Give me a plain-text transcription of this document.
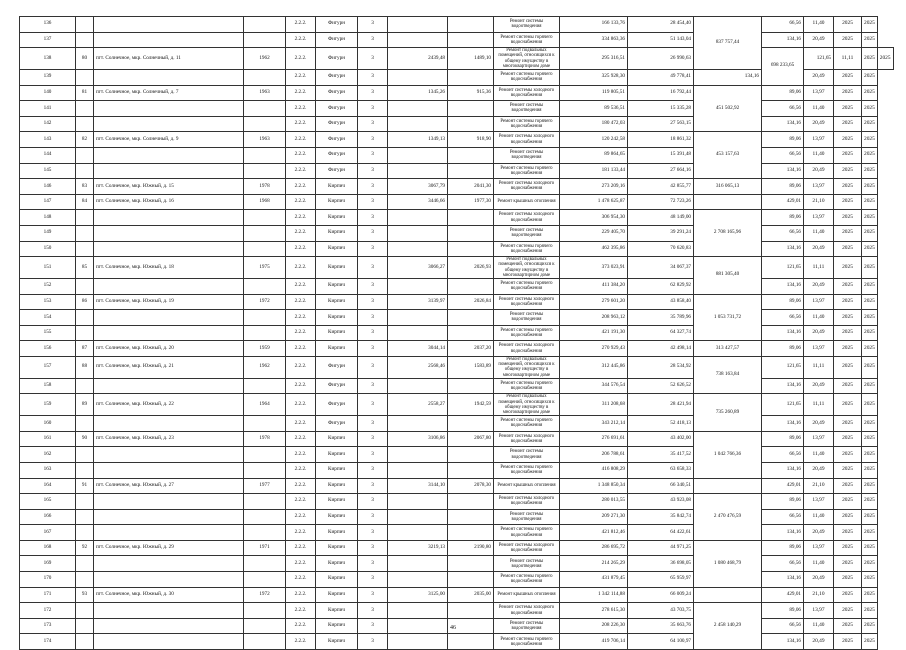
136				2.2.2.	Фигурн	3			Ремонт системы водоотведения	166 133,76	28 454,40	837 757,44	66,56	11,40	2025	2025	
137				2.2.2.	Фигурн	3			Ремонт системы горячего водоснабжения	334 863,36	51 143,04		134,16	20,49	2025	2025	
138	80	пгт. Солнечное, мкр. Солнечный, д. 11	1962	2.2.2.	Фигурн	3	2439,48	1489,10	Ремонт подвальных помещений, относящихся к общему имуществу в многоквартирном доме	295 316,51	26 990,63		698 233,65	121,65	11,11	2025	2025
139				2.2.2.	Фигурн	3			Ремонт системы горячего водоснабжения	325 928,30	49 778,41	134,16		20,49	2025	2025	
140	81	пгт. Солнечное, мкр. Солнечный, д. 7	1963	2.2.2.	Фигурн	3	1345,26	915,36	Ремонт системы холодного водоснабжения	119 805,51	16 792,44	451 502,92	89,06	13,97	2025	2025	
141				2.2.2.	Фигурн	3			Ремонт системы водоотведения	89 536,51	15 335,28		66,56	11,40	2025	2025	
142				2.2.2.	Фигурн	3			Ремонт системы горячего водоснабжения	180 472,03	27 563,15		134,16	20,49	2025	2025	
143	82	пгт. Солнечное, мкр. Солнечный, д. 9	1963	2.2.2.	Фигурн	3	1349,13	918,90	Ремонт системы холодного водоснабжения	120 242,58	18 861,32	453 157,63	89,06	13,97	2025	2025	
144				2.2.2.	Фигурн	3			Ремонт системы водоотведения	89 864,65	15 391,48		66,56	11,40	2025	2025	
145				2.2.2.	Фигурн	3			Ремонт системы горячего водоснабжения	181 133,44	27 664,16		134,16	20,49	2025	2025	
146	83	пгт. Солнечное, мкр. Южный, д. 15	1978	2.2.2.	Кирпич	3	3067,79	2041,30	Ремонт системы холодного водоснабжения	273 209,16	42 855,77	316 065,13	89,06	13,97	2025	2025	
147	84	пгт. Солнечное, мкр. Южный, д. 16	1968	2.2.2.	Кирпич	3	3446,66	1977,30	Ремонт крышных отопления	1 478 625,87	72 723,26		429,01	21,10	2025	2025	
148				2.2.2.	Кирпич	3			Ремонт системы холодного водоснабжения	306 954,30	48 149,00	2 708 165,96	89,06	13,97	2025	2025	
149				2.2.2.	Кирпич	3			Ремонт системы водоотведения	229 405,70	39 291,24		66,56	11,40	2025	2025	
150				2.2.2.	Кирпич	3			Ремонт системы горячего водоснабжения	462 395,86	70 620,83		134,16	20,49	2025	2025	
151	85	пгт. Солнечное, мкр. Южный, д. 18	1975	2.2.2.	Кирпич	3	3066,27	2026,93	Ремонт подвальных помещений, относящихся к общему имуществу в многоквартирном доме	373 023,91	34 067,37	881 305,40	121,65	11,11	2025	2025	
152				2.2.2.	Кирпич	3			Ремонт системы горячего водоснабжения	411 384,20	62 829,92		134,16	20,49	2025	2025	
153	86	пгт. Солнечное, мкр. Южный, д. 19	1972	2.2.2.	Кирпич	3	3139,97	2026,84	Ремонт системы холодного водоснабжения	279 601,20	43 858,40	1 053 731,72	89,06	13,97	2025	2025	
154				2.2.2.	Кирпич	3			Ремонт системы водоотведения	208 963,12	35 789,96		66,56	11,40	2025	2025	
155				2.2.2.	Кирпич	3			Ремонт системы горячего водоснабжения	421 191,30	64 327,74		134,16	20,49	2025	2025	
156	87	пгт. Солнечное, мкр. Южный, д. 20	1959	2.2.2.	Кирпич	3	3044,14	2037,20	Ремонт системы холодного водоснабжения	270 929,43	42 498,14	313 427,57	89,06	13,97	2025	2025	
157	88	пгт. Солнечное, мкр. Южный, д. 21	1962	2.2.2.	Фигурн	3	2568,46	1583,89	Ремонт подвальных помещений, относящихся к общему имуществу в многоквартирном доме	312 445,86	28 534,92	738 163,84	121,65	11,11	2025	2025	
158				2.2.2.	Фигурн	3			Ремонт системы горячего водоснабжения	344 576,54	52 626,52		134,16	20,49	2025	2025	
159	89	пгт. Солнечное, мкр. Южный, д. 22	1964	2.2.2.	Фигурн	3	2558,27	1942,59	Ремонт подвальных помещений, относящихся к общему имуществу в многоквартирном доме	311 208,68	28 421,94	735 260,89	121,65	11,11	2025	2025	
160				2.2.2.	Фигурн	3			Ремонт системы горячего водоснабжения	343 212,14	52 418,13		134,16	20,49	2025	2025	
161	90	пгт. Солнечное, мкр. Южный, д. 23	1978	2.2.2.	Кирпич	3	3106,86	2067,80	Ремонт системы холодного водоснабжения	276 691,61	43 402,00	1 042 766,36	89,06	13,97	2025	2025	
162				2.2.2.	Кирпич	3			Ремонт системы водоотведения	206 788,61	35 417,52		66,56	11,40	2025	2025	
163				2.2.2.	Кирпич	3			Ремонт системы горячего водоснабжения	416 808,29	63 658,33		134,16	20,49	2025	2025	
164	91	пгт. Солнечное, мкр. Южный, д. 27	1977	2.2.2.	Кирпич	3	3144,10	2078,30	Ремонт крышных отопления	1 348 850,34	66 340,51		429,01	21,10	2025	2025	
165				2.2.2.	Кирпич	3			Ремонт системы холодного водоснабжения	280 013,55	43 923,08	2 470 476,59	89,06	13,97	2025	2025	
166				2.2.2.	Кирпич	3			Ремонт системы водоотведения	209 271,30	35 842,74		66,56	11,40	2025	2025	
167				2.2.2.	Кирпич	3			Ремонт системы горячего водоснабжения	421 812,46	64 422,61		134,16	20,49	2025	2025	
168	92	пгт. Солнечное, мкр. Южный, д. 29	1971	2.2.2.	Кирпич	3	3219,13	2190,80	Ремонт системы холодного водоснабжения	286 695,72	44 971,25	1 080 468,79	89,06	13,97	2025	2025	
169				2.2.2.	Кирпич	3			Ремонт системы водоотведения	214 265,29	36 698,05		66,56	11,40	2025	2025	
170				2.2.2.	Кирпич	3			Ремонт системы горячего водоснабжения	431 879,45	65 959,97		134,16	20,49	2025	2025	
171	93	пгт. Солнечное, мкр. Южный, д. 30	1972	2.2.2.	Кирпич	3	3125,00	2035,00	Ремонт крышных отопления	1 342 114,88	66 009,24		429,01	21,10	2025	2025	
172				2.2.2.	Кирпич	3			Ремонт системы холодного водоснабжения	278 615,30	43 703,75	2 458 140,29	89,06	13,97	2025	2025	
173				2.2.2.	Кирпич	3			Ремонт системы водоотведения	208 226,30	35 663,76		66,56	11,40	2025	2025	
174				2.2.2.	Кирпич	3			Ремонт системы горячего водоснабжения	419 706,14	64 100,97		134,16	20,49	2025	2025	
46
